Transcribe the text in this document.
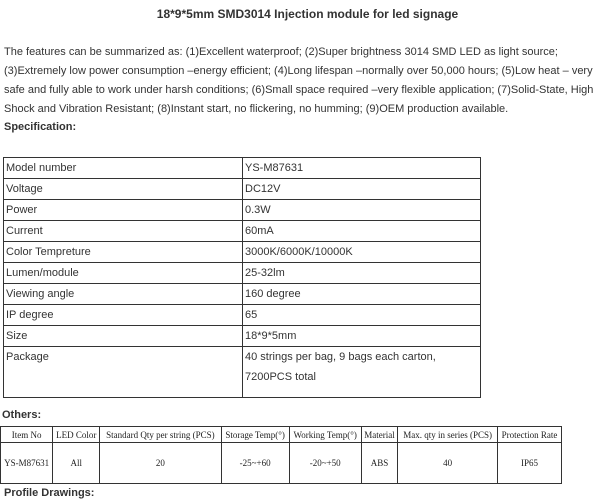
18*9*5mm SMD3014 Injection module for led signage

The features can be summarized as: (1)Excellent waterproof; (2)Super brightness 3014 SMD LED as light source; (3)Extremely low power consumption –energy efficient; (4)Long lifespan –normally over 50,000 hours; (5)Low heat – very safe and fully able to work under harsh conditions; (6)Small space required –very flexible application; (7)Solid-State, High Shock and Vibration Resistant; (8)Instant start, no flickering, no humming; (9)OEM production available.

Specification:
Model number	YS-M87631
Voltage	DC12V
Power	0.3W
Current	60mA
Color Tempreture	3000K/6000K/10000K
Lumen/module	25-32lm
Viewing angle	160 degree
IP degree	65
Size	18*9*5mm
Package	40 strings per bag, 9 bags each carton,
7200PCS total
Others:
Item No	LED Color	Standard Qty per string (PCS)	Storage Temp(°)	Working Temp(°)	Material	Max. qty in series (PCS)	Protection Rate
YS-M87631	All	20	-25~+60	-20~+50	ABS	40	IP65
Profile Drawings:
